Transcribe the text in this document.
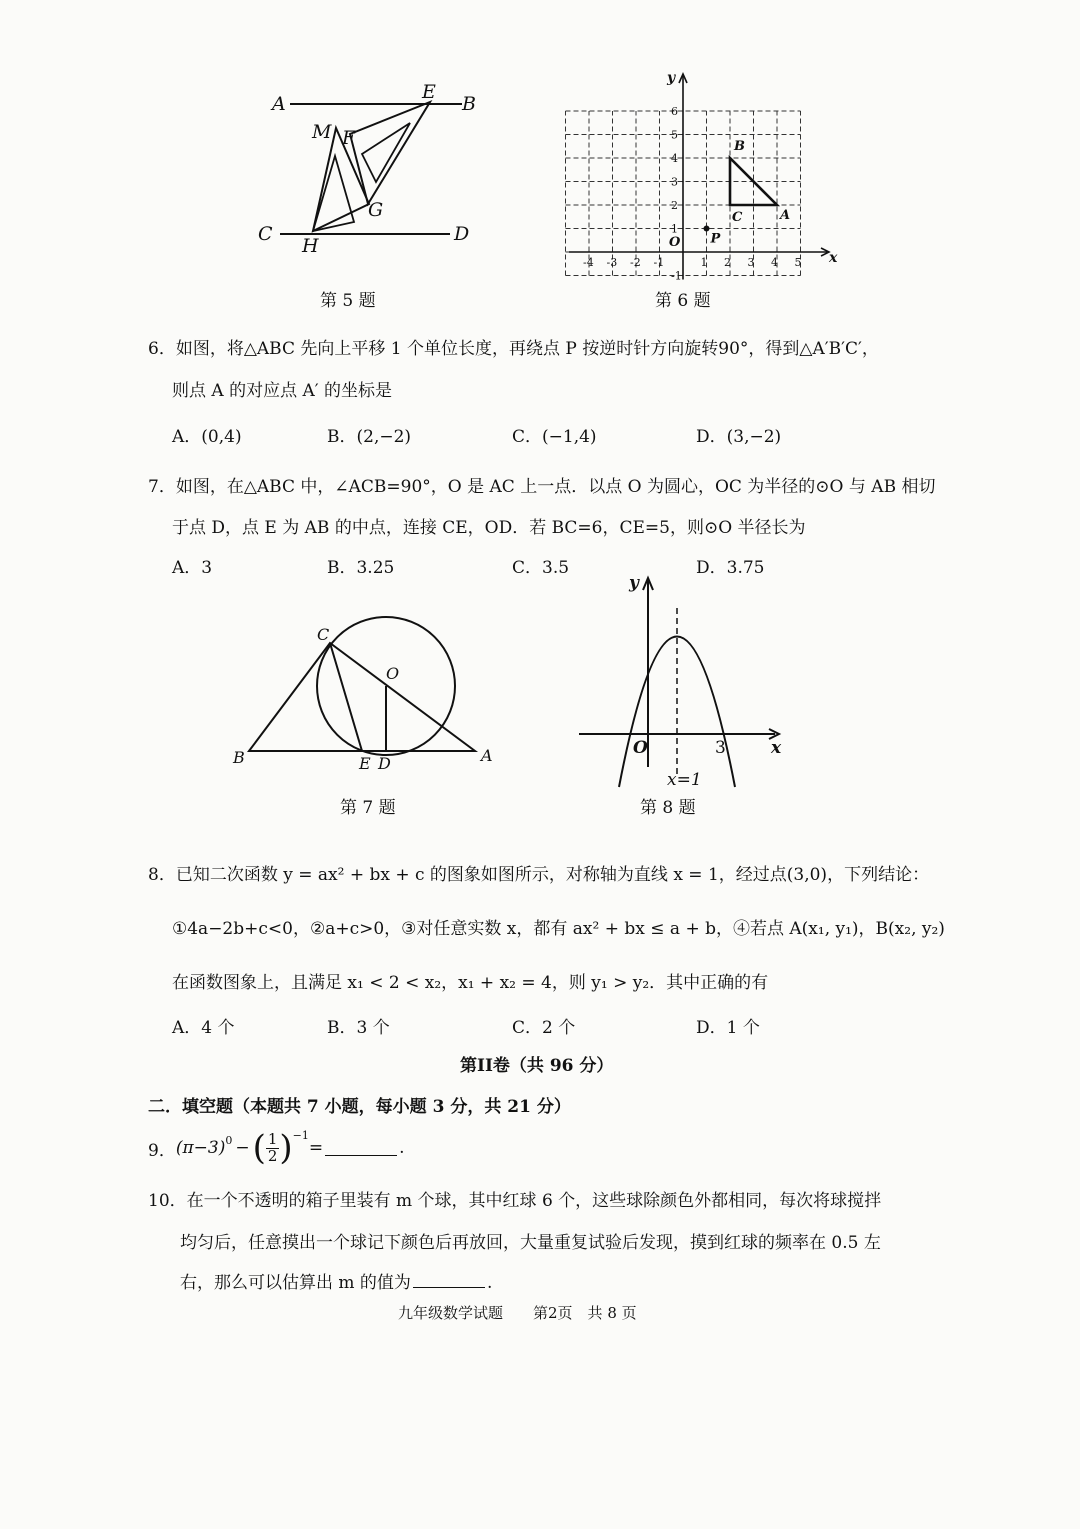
A	B
E
M F
G
C
H
D
第 5 题
x
y
O
-4 -3 -2 -1	1 2 3 4 5
-1
1
2
3
4
5
6
B
A
C
P
第 6 题
6．如图，将△ABC 先向上平移 1 个单位长度，再绕点 P 按逆时针方向旋转90°，得到△A′B′C′，
则点 A 的对应点 A′ 的坐标是
A．(0,4)	B．(2,−2)	C．(−1,4)	D．(3,−2)
7．如图，在△ABC 中，∠ACB=90°，O 是 AC 上一点．以点 O 为圆心，OC 为半径的⊙O 与 AB 相切
于点 D，点 E 为 AB 的中点，连接 CE，OD．若 BC=6，CE=5，则⊙O 半径长为
A．3	B．3.25	C．3.5	D．3.75
C
O
B	E D	A
第 7 题
y
x
O	3
x=1
第 8 题
8．已知二次函数 y = ax² + bx + c 的图象如图所示，对称轴为直线 x = 1，经过点(3,0)，下列结论：
①4a−2b+c<0，②a+c>0，③对任意实数 x，都有 ax² + bx ≤ a + b，④若点 A(x₁, y₁)，B(x₂, y₂)
在函数图象上，且满足 x₁ < 2 < x₂，x₁ + x₂ = 4，则 y₁ > y₂．其中正确的有
A．4 个	B．3 个	C．2 个	D．1 个
第II卷（共 96 分）
二．填空题（本题共 7 小题，每小题 3 分，共 21 分）
9． $(\pi-3)^0$ − ( $\frac{1}{2} )^{-1}$
=	.
10．在一个不透明的箱子里装有 m 个球，其中红球 6 个，这些球除颜色外都相同，每次将球搅拌
均匀后，任意摸出一个球记下颜色后再放回，大量重复试验后发现，摸到红球的频率在 0.5 左
右，那么可以估算出 m 的值为	.
九年级数学试题　　第2页　共 8 页
